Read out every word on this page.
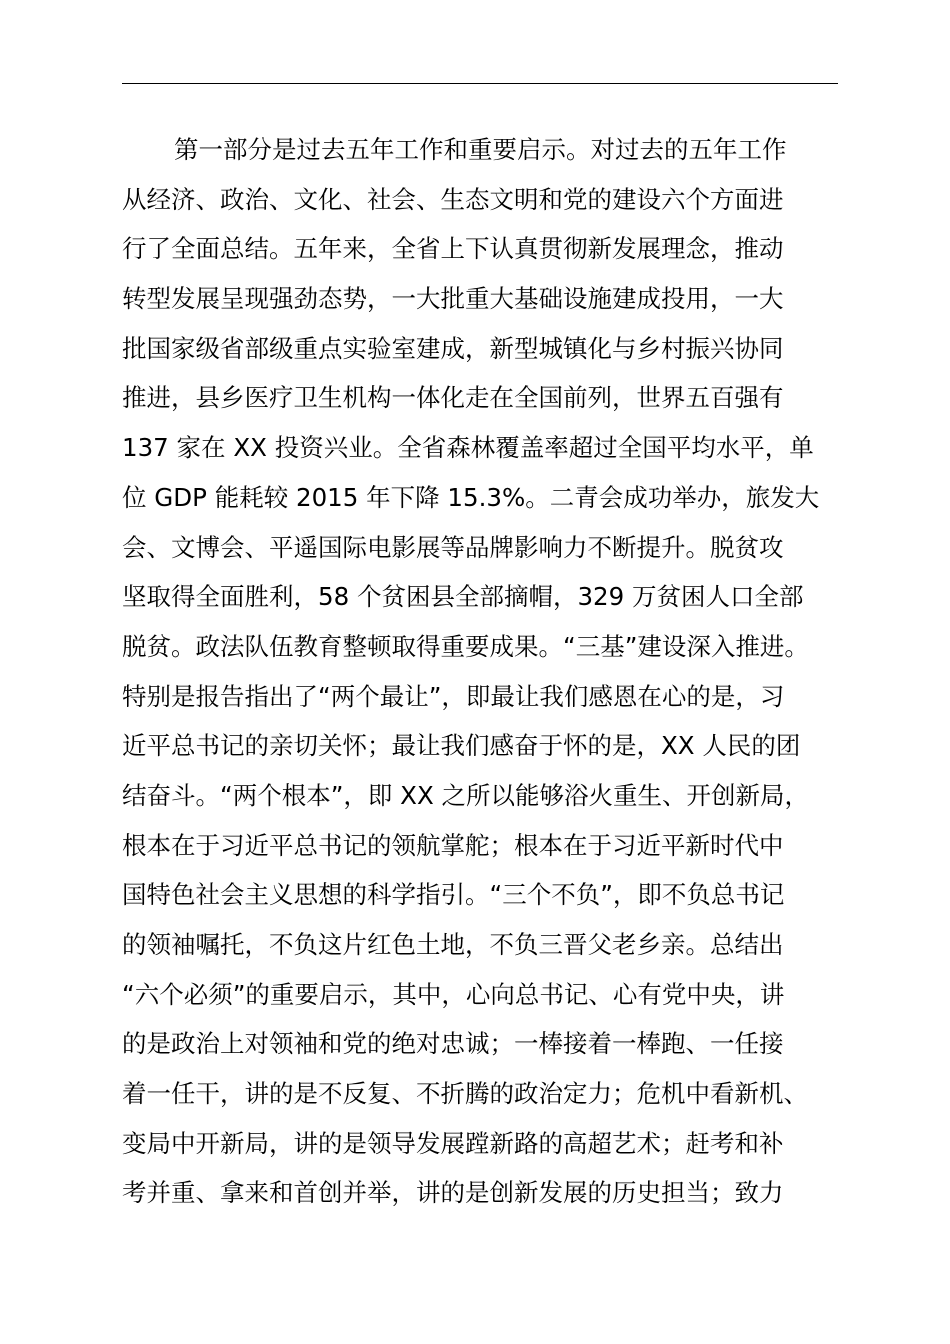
第一部分是过去五年工作和重要启示。对过去的五年工作
从经济、政治、文化、社会、生态文明和党的建设六个方面进
行了全面总结。五年来，全省上下认真贯彻新发展理念，推动
转型发展呈现强劲态势，一大批重大基础设施建成投用，一大
批国家级省部级重点实验室建成，新型城镇化与乡村振兴协同
推进，县乡医疗卫生机构一体化走在全国前列，世界五百强有
137 家在 XX 投资兴业。全省森林覆盖率超过全国平均水平，单
位 GDP 能耗较 2015 年下降 15.3%。二青会成功举办，旅发大
会、文博会、平遥国际电影展等品牌影响力不断提升。脱贫攻
坚取得全面胜利，58 个贫困县全部摘帽，329 万贫困人口全部
脱贫。政法队伍教育整顿取得重要成果。“三基”建设深入推进。
特别是报告指出了“两个最让”，即最让我们感恩在心的是，习
近平总书记的亲切关怀；最让我们感奋于怀的是，XX 人民的团
结奋斗。“两个根本”，即 XX 之所以能够浴火重生、开创新局，
根本在于习近平总书记的领航掌舵；根本在于习近平新时代中
国特色社会主义思想的科学指引。“三个不负”，即不负总书记
的领袖嘱托，不负这片红色土地，不负三晋父老乡亲。总结出
“六个必须”的重要启示，其中，心向总书记、心有党中央，讲
的是政治上对领袖和党的绝对忠诚；一棒接着一棒跑、一任接
着一任干，讲的是不反复、不折腾的政治定力；危机中看新机、
变局中开新局，讲的是领导发展蹚新路的高超艺术；赶考和补
考并重、拿来和首创并举，讲的是创新发展的历史担当；致力
